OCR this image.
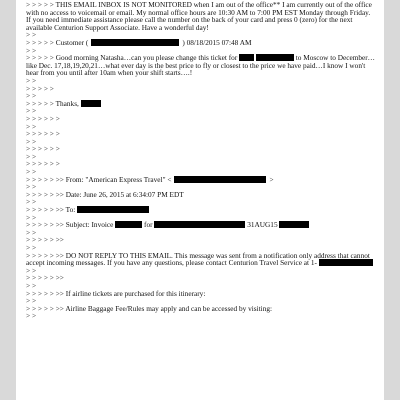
> > > > > THIS EMAIL INBOX IS NOT MONITORED when I am out of the office** I am currently out of the office with no access to voicemail or email. My normal office hours are 10:30 AM to 7:00 PM EST Monday through Friday. If you need immediate assistance please call the number on the back of your card and press 0 (zero) for the next available Centurion Support Associate. Have a wonderful day!
> >
> > > > > Customer (	) 08/18/2015 07:48 AM
> >
> > > > > Good morning Natasha…can you please change this ticket for	to Moscow to December…like Dec. 17,18,19,20,21…what ever day is the best price to fly or closest to the price we have paid…I know I won't hear from you until after 10am when your shift starts….!
> >
> > > > >
> >
> > > > > Thanks,
> >
> > > > > >
> >
> > > > > >
> >
> > > > > >
> >
> > > > > >
> >
> > > > > >> From: "American Express Travel" <	>
> >
> > > > > >> Date: June 26, 2015 at 6:34:07 PM EDT
> >
> > > > > >> To:
> >
> > > > > >> Subject: Invoice	for	31AUG15
> >
> > > > > >>
> >
> > > > > >> DO NOT REPLY TO THIS EMAIL. This message was sent from a notification only address that cannot accept incoming messages. If you have any questions, please contact Centurion Travel Service at 1-
> >
> > > > > >>
> >
> > > > > >> If airline tickets are purchased for this itinerary:
> >
> > > > > >> Airline Baggage Fee/Rules may apply and can be accessed by visiting:
> >
